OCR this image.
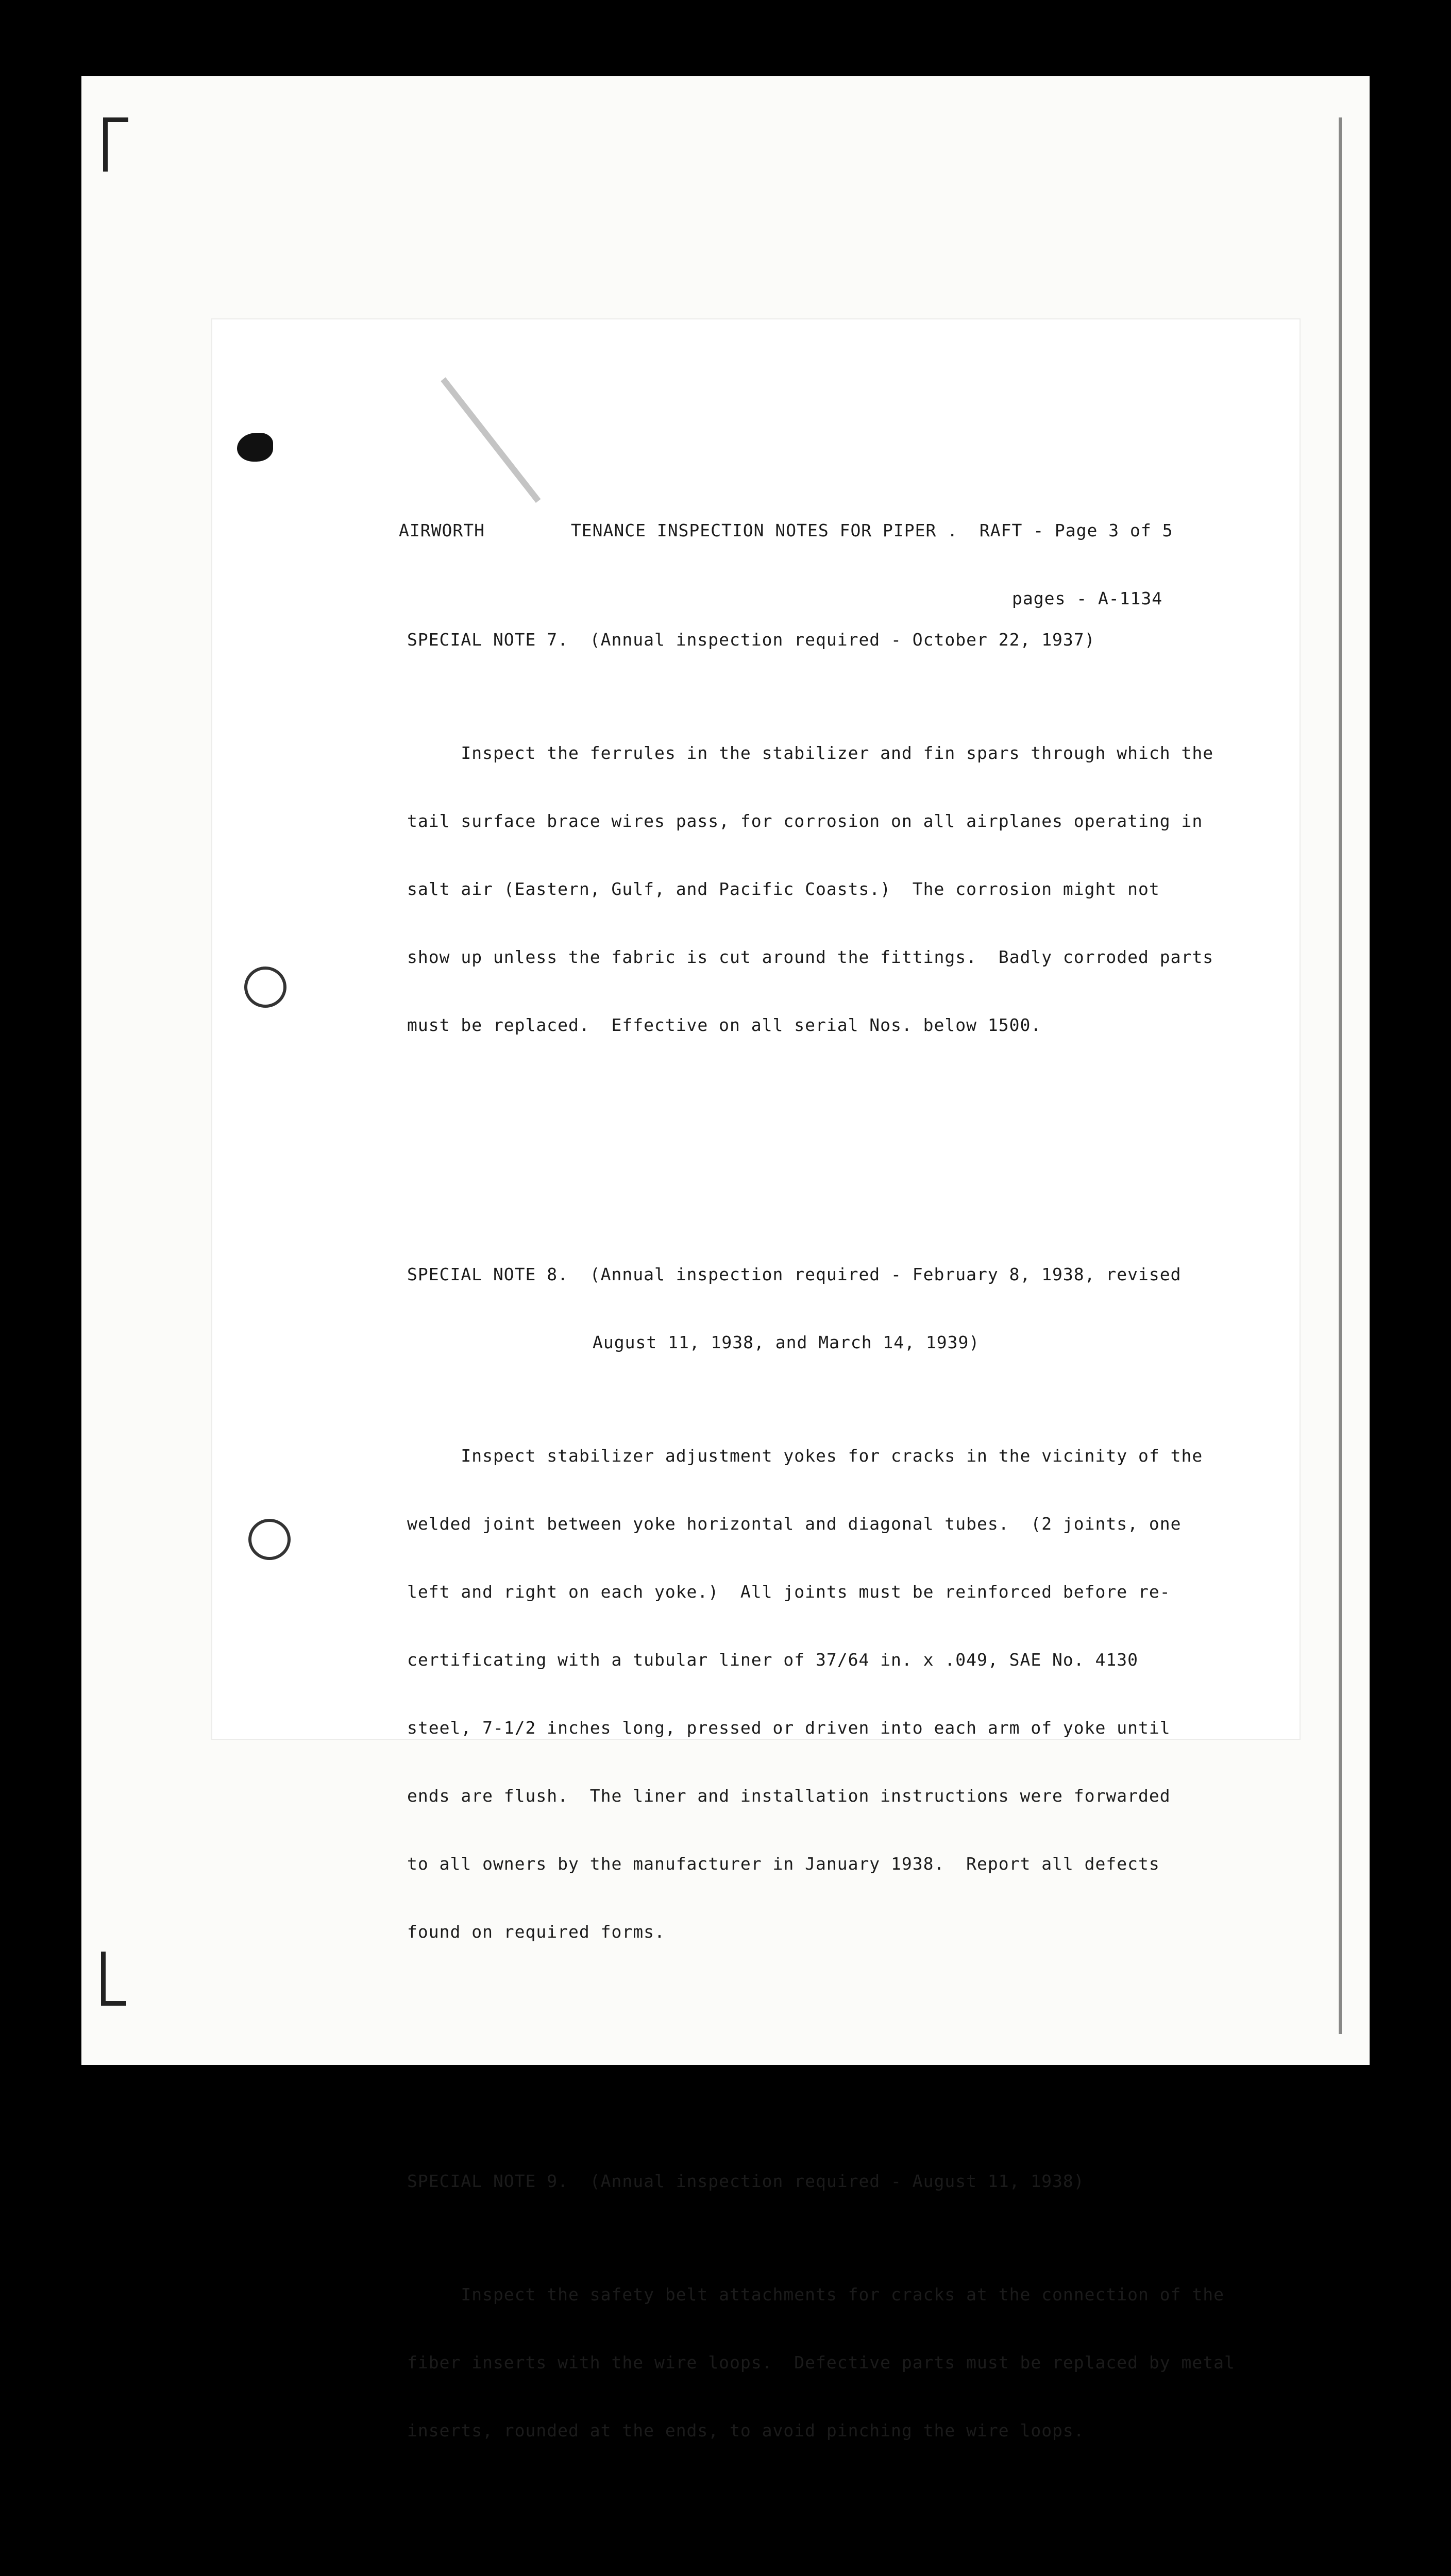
AIRWORTH        TENANCE INSPECTION NOTES FOR PIPER .  RAFT - Page 3 of 5

pages - A-1134

SPECIAL NOTE 7.  (Annual inspection required - October 22, 1937)

Inspect the ferrules in the stabilizer and fin spars through which the

tail surface brace wires pass, for corrosion on all airplanes operating in

salt air (Eastern, Gulf, and Pacific Coasts.)  The corrosion might not

show up unless the fabric is cut around the fittings.  Badly corroded parts

must be replaced.  Effective on all serial Nos. below 1500.

SPECIAL NOTE 8.  (Annual inspection required - February 8, 1938, revised

August 11, 1938, and March 14, 1939)

Inspect stabilizer adjustment yokes for cracks in the vicinity of the

welded joint between yoke horizontal and diagonal tubes.  (2 joints, one

left and right on each yoke.)  All joints must be reinforced before re-

certificating with a tubular liner of 37/64 in. x .049, SAE No. 4130

steel, 7-1/2 inches long, pressed or driven into each arm of yoke until

ends are flush.  The liner and installation instructions were forwarded

to all owners by the manufacturer in January 1938.  Report all defects

found on required forms.

SPECIAL NOTE 9.  (Annual inspection required - August 11, 1938)

Inspect the safety belt attachments for cracks at the connection of the

fiber inserts with the wire loops.  Defective parts must be replaced by metal

inserts, rounded at the ends, to avoid pinching the wire loops.
